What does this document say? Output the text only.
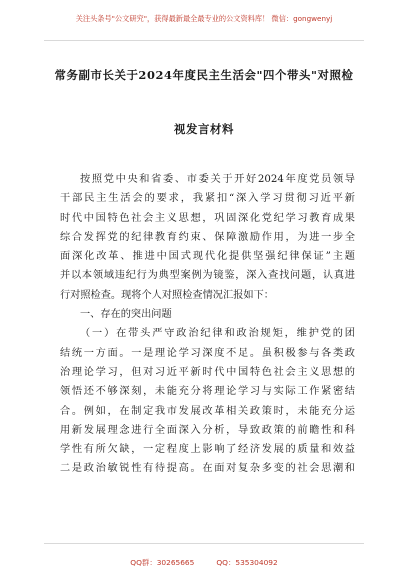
关注头条号"公文研究"，获得最新最全最专业的公文资料库！ 微信：gongwenyj
常务副市长关于2024年度民主生活会"四个带头"对照检
视发言材料
按照党中央和省委、市委关于开好2024年度党员领导
干部民主生活会的要求，我紧扣“深入学习贯彻习近平新
时代中国特色社会主义思想，巩固深化党纪学习教育成果
综合发挥党的纪律教育约束、保障激励作用，为进一步全
面深化改革、推进中国式现代化提供坚强纪律保证”主题
并以本领域违纪行为典型案例为镜鉴，深入查找问题，认真进
行对照检查。现将个人对照检查情况汇报如下：
一、存在的突出问题
（一）在带头严守政治纪律和政治规矩，维护党的团
结统一方面。一是理论学习深度不足。虽积极参与各类政
治理论学习，但对习近平新时代中国特色社会主义思想的
领悟还不够深刻，未能充分将理论学习与实际工作紧密结
合。例如，在制定我市发展改革相关政策时，未能充分运
用新发展理念进行全面深入分析，导致政策的前瞻性和科
学性有所欠缺，一定程度上影响了经济发展的质量和效益
二是政治敏锐性有待提高。在面对复杂多变的社会思潮和
QQ群：30265665	QQ：535304092
